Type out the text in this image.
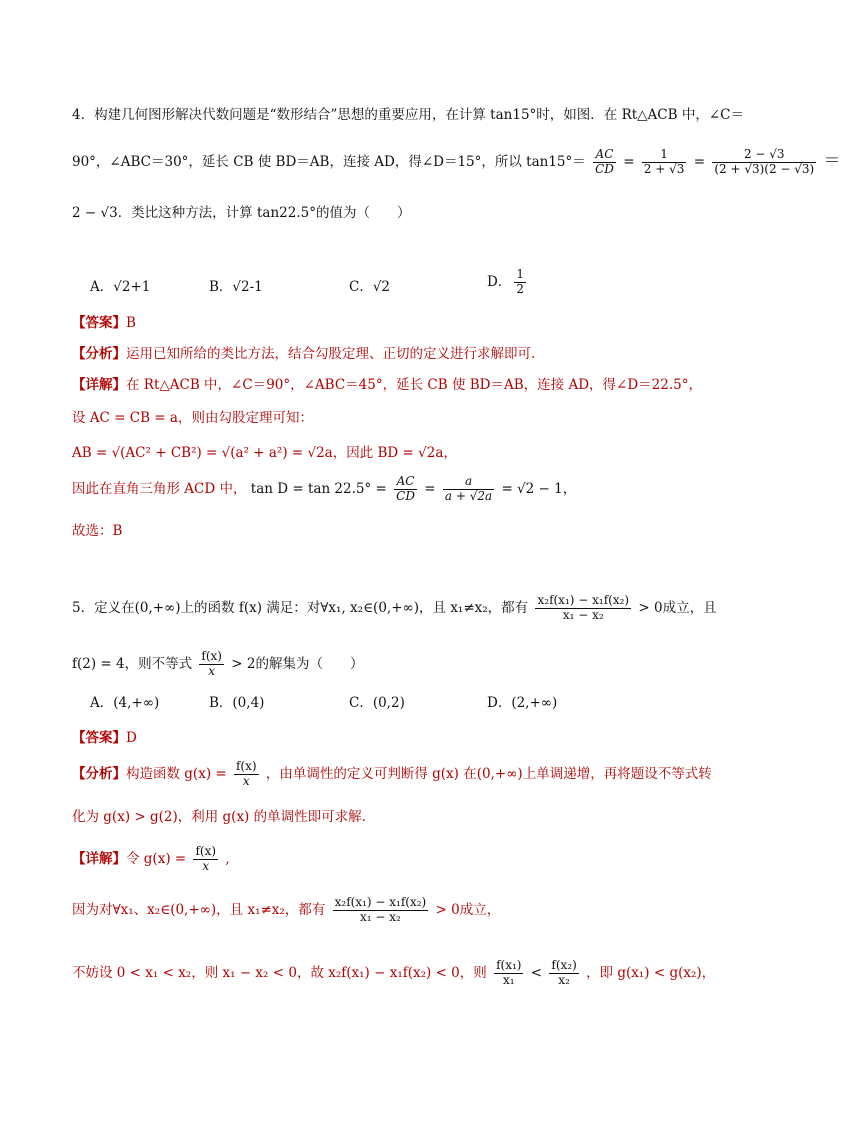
4．构建几何图形解决代数问题是“数形结合”思想的重要应用，在计算 tan15°时，如图．在 Rt△ACB 中，∠C＝
90°，∠ABC＝30°，延长 CB 使 BD＝AB，连接 AD，得∠D＝15°，所以 $\tan 15^\circ= \frac{AC}{CD} = \frac{1}{2 + √3} = \frac{2 - √3}{(2 + √3)(2 - √3)}$ ＝
2 − √3．类比这种方法，计算 tan22.5°的值为（　　）
A．√2+1	B．√2-1	C．√2	D． $\frac{1}{2}$
【答案】B
【分析】运用已知所给的类比方法，结合勾股定理、正切的定义进行求解即可.
【详解】在 Rt△ACB 中，∠C＝90°，∠ABC＝45°，延长 CB 使 BD＝AB，连接 AD，得∠D＝22.5°，
设 AC = CB = a，则由勾股定理可知：
AB = √(AC² + CB²) = √(a² + a²) = √2a，因此 BD = √2a，
因此在直角三角形 ACD 中， $\tan D = \tan 22.5^\circ = \frac{AC}{CD} = \frac{a}{a + √2a} = √2 - 1$，
故选：B
5．定义在(0,+∞)上的函数 f(x) 满足：对∀x₁, x₂∈(0,+∞)，且 x₁≠x₂，都有 $\frac{\text{x₂f(x₁) − x₁f(x₂)}}{\text{x₁ − x₂}} > 0$成立，且
f(2) = 4，则不等式 $\frac{f(x)}{x} > 2$的解集为（　　）
A．(4,+∞)	B．(0,4)	C．(0,2)	D．(2,+∞)
【答案】D
【分析】构造函数 $g(x) = \frac{f(x)}{x}$ ，由单调性的定义可判断得 g(x) 在(0,+∞)上单调递增，再将题设不等式转
化为 g(x) > g(2)，利用 g(x) 的单调性即可求解.
【详解】令 $g(x) = \frac{f(x)}{x}$ ,
因为对∀x₁、x₂∈(0,+∞)，且 x₁≠x₂，都有 $\frac{\text{x₂f(x₁) − x₁f(x₂)}}{\text{x₁ − x₂}} > 0$成立，
不妨设 0 < x₁ < x₂，则 x₁ − x₂ < 0，故 x₂f(x₁) − x₁f(x₂) < 0，则 $\frac{\text{f(x₁)}}{\text{x₁}} < \frac{\text{f(x₂)}}{\text{x₂}}$ ，即 g(x₁) < g(x₂)，
